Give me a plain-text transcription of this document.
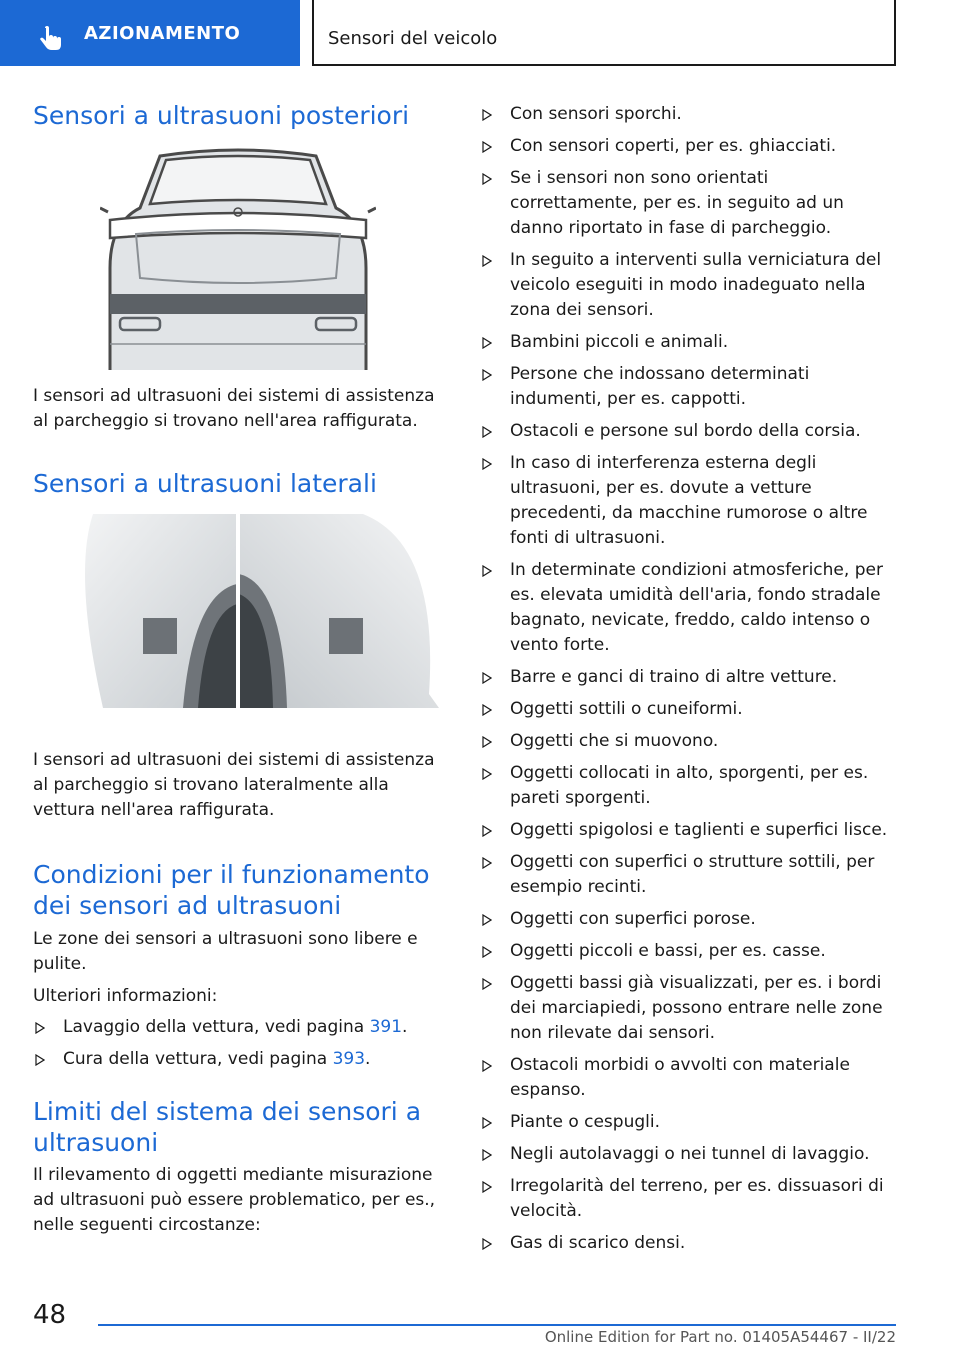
AZIONAMENTO	Sensori del veicolo
Sensori a ultrasuoni posteriori

I sensori ad ultrasuoni dei sistemi di assistenza al parcheggio si trovano nell'area raffigurata.

Sensori a ultrasuoni laterali

I sensori ad ultrasuoni dei sistemi di assistenza al parcheggio si trovano lateralmente alla vettura nell'area raffigurata.

Condizioni per il funzionamento dei sensori ad ultrasuoni

Le zone dei sensori a ultrasuoni sono libere e pulite.

Ulteriori informazioni:

Lavaggio della vettura, vedi pagina 391.
Cura della vettura, vedi pagina 393.
Limiti del sistema dei sensori a ultrasuoni

Il rilevamento di oggetti mediante misurazione ad ultrasuoni può essere problematico, per es., nelle seguenti circostanze:

Con sensori sporchi.
Con sensori coperti, per es. ghiacciati.
Se i sensori non sono orientati correttamente, per es. in seguito ad un danno riportato in fase di parcheggio.
In seguito a interventi sulla verniciatura del veicolo eseguiti in modo inadeguato nella zona dei sensori.
Bambini piccoli e animali.
Persone che indossano determinati indumenti, per es. cappotti.
Ostacoli e persone sul bordo della corsia.
In caso di interferenza esterna degli ultrasuoni, per es. dovute a vetture precedenti, da macchine rumorose o altre fonti di ultrasuoni.
In determinate condizioni atmosferiche, per es. elevata umidità dell'aria, fondo stradale bagnato, nevicate, freddo, caldo intenso o vento forte.
Barre e ganci di traino di altre vetture.
Oggetti sottili o cuneiformi.
Oggetti che si muovono.
Oggetti collocati in alto, sporgenti, per es. pareti sporgenti.
Oggetti spigolosi e taglienti e superfici lisce.
Oggetti con superfici o strutture sottili, per esempio recinti.
Oggetti con superfici porose.
Oggetti piccoli e bassi, per es. casse.
Oggetti bassi già visualizzati, per es. i bordi dei marciapiedi, possono entrare nelle zone non rilevate dai sensori.
Ostacoli morbidi o avvolti con materiale espanso.
Piante o cespugli.
Negli autolavaggi o nei tunnel di lavaggio.
Irregolarità del terreno, per es. dissuasori di velocità.
Gas di scarico densi.
48
Online Edition for Part no. 01405A54467 - II/22
